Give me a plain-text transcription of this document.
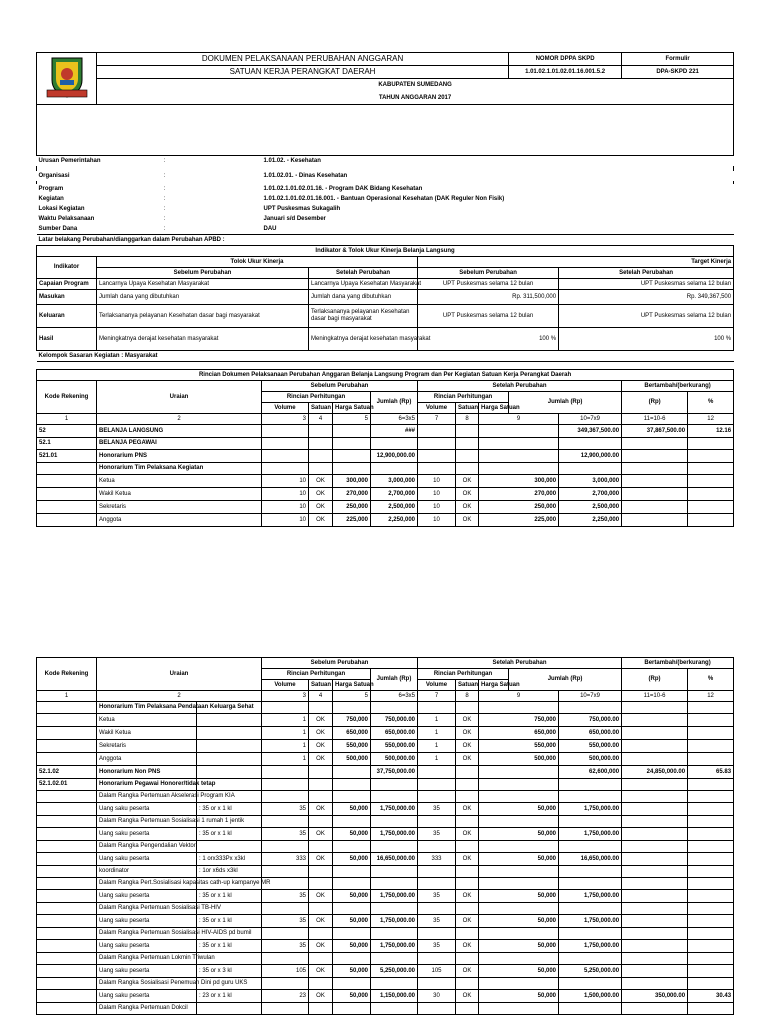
	DOKUMEN PELAKSANAAN PERUBAHAN ANGGARAN									NOMOR DPPA SKPD		Formulir	
	SATUAN KERJA PERANGKAT DAERAH									1.01.02.1.01.02.01.16.001.5.2		DPA-SKPD 221	
	KABUPATEN SUMEDANG
TAHUN ANGGARAN 2017												

Urusan Pemerintahan		:	1.01.02. - Kesehatan										

Organisasi		:	1.01.02.01. - Dinas Kesehatan										

Program		:	1.01.02.1.01.02.01.16. - Program DAK Bidang Kesehatan										
Kegiatan		:	1.01.02.1.01.02.01.16.001. - Bantuan Operasional Kesehatan (DAK Reguler Non Fisik)										
Lokasi Kegiatan		:	UPT Puskesmas Sukagalih										
Waktu Pelaksanaan		:	Januari s/d Desember										
Sumber Dana		:	DAU										
Latar belakang Perubahan/dianggarkan dalam Perubahan APBD :													
Indikator & Tolok Ukur Kinerja Belanja Langsung													
Indikator	Tolok Ukur Kinerja						Target Kinerja						
	Sebelum Perubahan			Setelah Perubahan			Sebelum Perubahan				Setelah Perubahan		
Capaian Program	Lancarnya Upaya Kesehatan Masyarakat			Lancarnya Upaya Kesehatan Masyarakat			UPT Puskesmas selama 12 bulan				UPT Puskesmas selama 12 bulan		
Masukan	Jumlah dana yang dibutuhkan			Jumlah dana yang dibutuhkan			Rp. 311,500,000				Rp. 349,367,500		
Keluaran	Terlaksananya pelayanan Kesehatan dasar bagi masyarakat			Terlaksananya pelayanan Kesehatan dasar bagi masyarakat			UPT Puskesmas selama 12 bulan				UPT Puskesmas selama 12 bulan		
Hasil	Meningkatnya derajat kesehatan masyarakat			Meningkatnya derajat kesehatan masyarakat			100 %				100 %		
Kelompok Sasaran Kegiatan : Masyarakat													

Rincian Dokumen Pelaksanaan Perubahan Anggaran Belanja Langsung Program dan Per Kegiatan Satuan Kerja Perangkat Daerah													
Kode Rekening	Uraian		Sebelum Perubahan				Setelah Perubahan					Bertambah/(berkurang)	
			Rincian Perhitungan			Jumlah (Rp)	Rincian Perhitungan			Jumlah (Rp)		(Rp)	%
			Volume	Satuan	Harga Satuan		Volume	Satuan	Harga Satuan				
1	2		3	4	5	6=3x5	7	8	9		10=7x9	11=10-6	12
52	BELANJA LANGSUNG					###					349,367,500.00	37,867,500.00	12.16
52.1	BELANJA PEGAWAI												
521.01	Honorarium PNS					12,900,000.00					12,900,000.00		
	Honorarium Tim Pelaksana Kegiatan												
	Ketua		10	OK	300,000	3,000,000	10	OK	300,000		3,000,000		
	Wakil Ketua		10	OK	270,000	2,700,000	10	OK	270,000		2,700,000		
	Sekretaris		10	OK	250,000	2,500,000	10	OK	250,000		2,500,000		
	Anggota		10	OK	225,000	2,250,000	10	OK	225,000		2,250,000		
Kode Rekening	Uraian		Sebelum Perubahan				Setelah Perubahan					Bertambah/(berkurang)	
			Rincian Perhitungan			Jumlah (Rp)	Rincian Perhitungan			Jumlah (Rp)		(Rp)	%
			Volume	Satuan	Harga Satuan		Volume	Satuan	Harga Satuan				
1	2		3	4	5	6=3x5	7	8	9		10=7x9	11=10-6	12
	Honorarium Tim Pelaksana Pendataan Keluarga Sehat												
	Ketua		1	OK	750,000	750,000.00	1	OK	750,000		750,000.00		
	Wakil Ketua		1	OK	650,000	650,000.00	1	OK	650,000		650,000.00		
	Sekretaris		1	OK	550,000	550,000.00	1	OK	550,000		550,000.00		
	Anggota		1	OK	500,000	500,000.00	1	OK	500,000		500,000.00		
52.1.02	Honorarium Non PNS					37,750,000.00					62,600,000	24,850,000.00	65.83
52.1.02.01	Honorarium Pegawai Honorer/tidak tetap												
	Dalam Rangka Pertemuan Akselerasi Program KIA												
	Uang saku peserta	: 35 or x 1 kl	35	OK	50,000	1,750,000.00	35	OK	50,000		1,750,000.00		
	Dalam Rangka Pertemuan Sosialisasi 1 rumah 1 jentik												
	Uang saku peserta	: 35 or x 1 kl	35	OK	50,000	1,750,000.00	35	OK	50,000		1,750,000.00		
	Dalam Rangka Pengendalian Vektor												
	Uang saku peserta	: 1 orx333Px x3kl	333	OK	50,000	16,650,000.00	333	OK	50,000		16,650,000.00		
	koordinator	: 1or x6ds x3kl											
	Dalam Rangka Pert.Sosialisasi kapasitas cath-up kampanye MR												
	Uang saku peserta	: 35 or x 1 kl	35	OK	50,000	1,750,000.00	35	OK	50,000		1,750,000.00		
	Dalam Rangka Pertemuan Sosialisasi TB-HIV												
	Uang saku peserta	: 35 or x 1 kl	35	OK	50,000	1,750,000.00	35	OK	50,000		1,750,000.00		
	Dalam Rangka Pertemuan Sosialisasi HIV-AIDS pd bumil												
	Uang saku peserta	: 35 or x 1 kl	35	OK	50,000	1,750,000.00	35	OK	50,000		1,750,000.00		
	Dalam Rangka Pertemuan Lokmin Triwulan												
	Uang saku peserta	: 35 or x 3 kl	105	OK	50,000	5,250,000.00	105	OK	50,000		5,250,000.00		
	Dalam Rangka Sosialisasi Penemuan Dini pd guru UKS												
	Uang saku peserta	: 23 or x 1 kl	23	OK	50,000	1,150,000.00	30	OK	50,000		1,500,000.00	350,000.00	30.43
	Dalam Rangka Pertemuan Dokcil												
